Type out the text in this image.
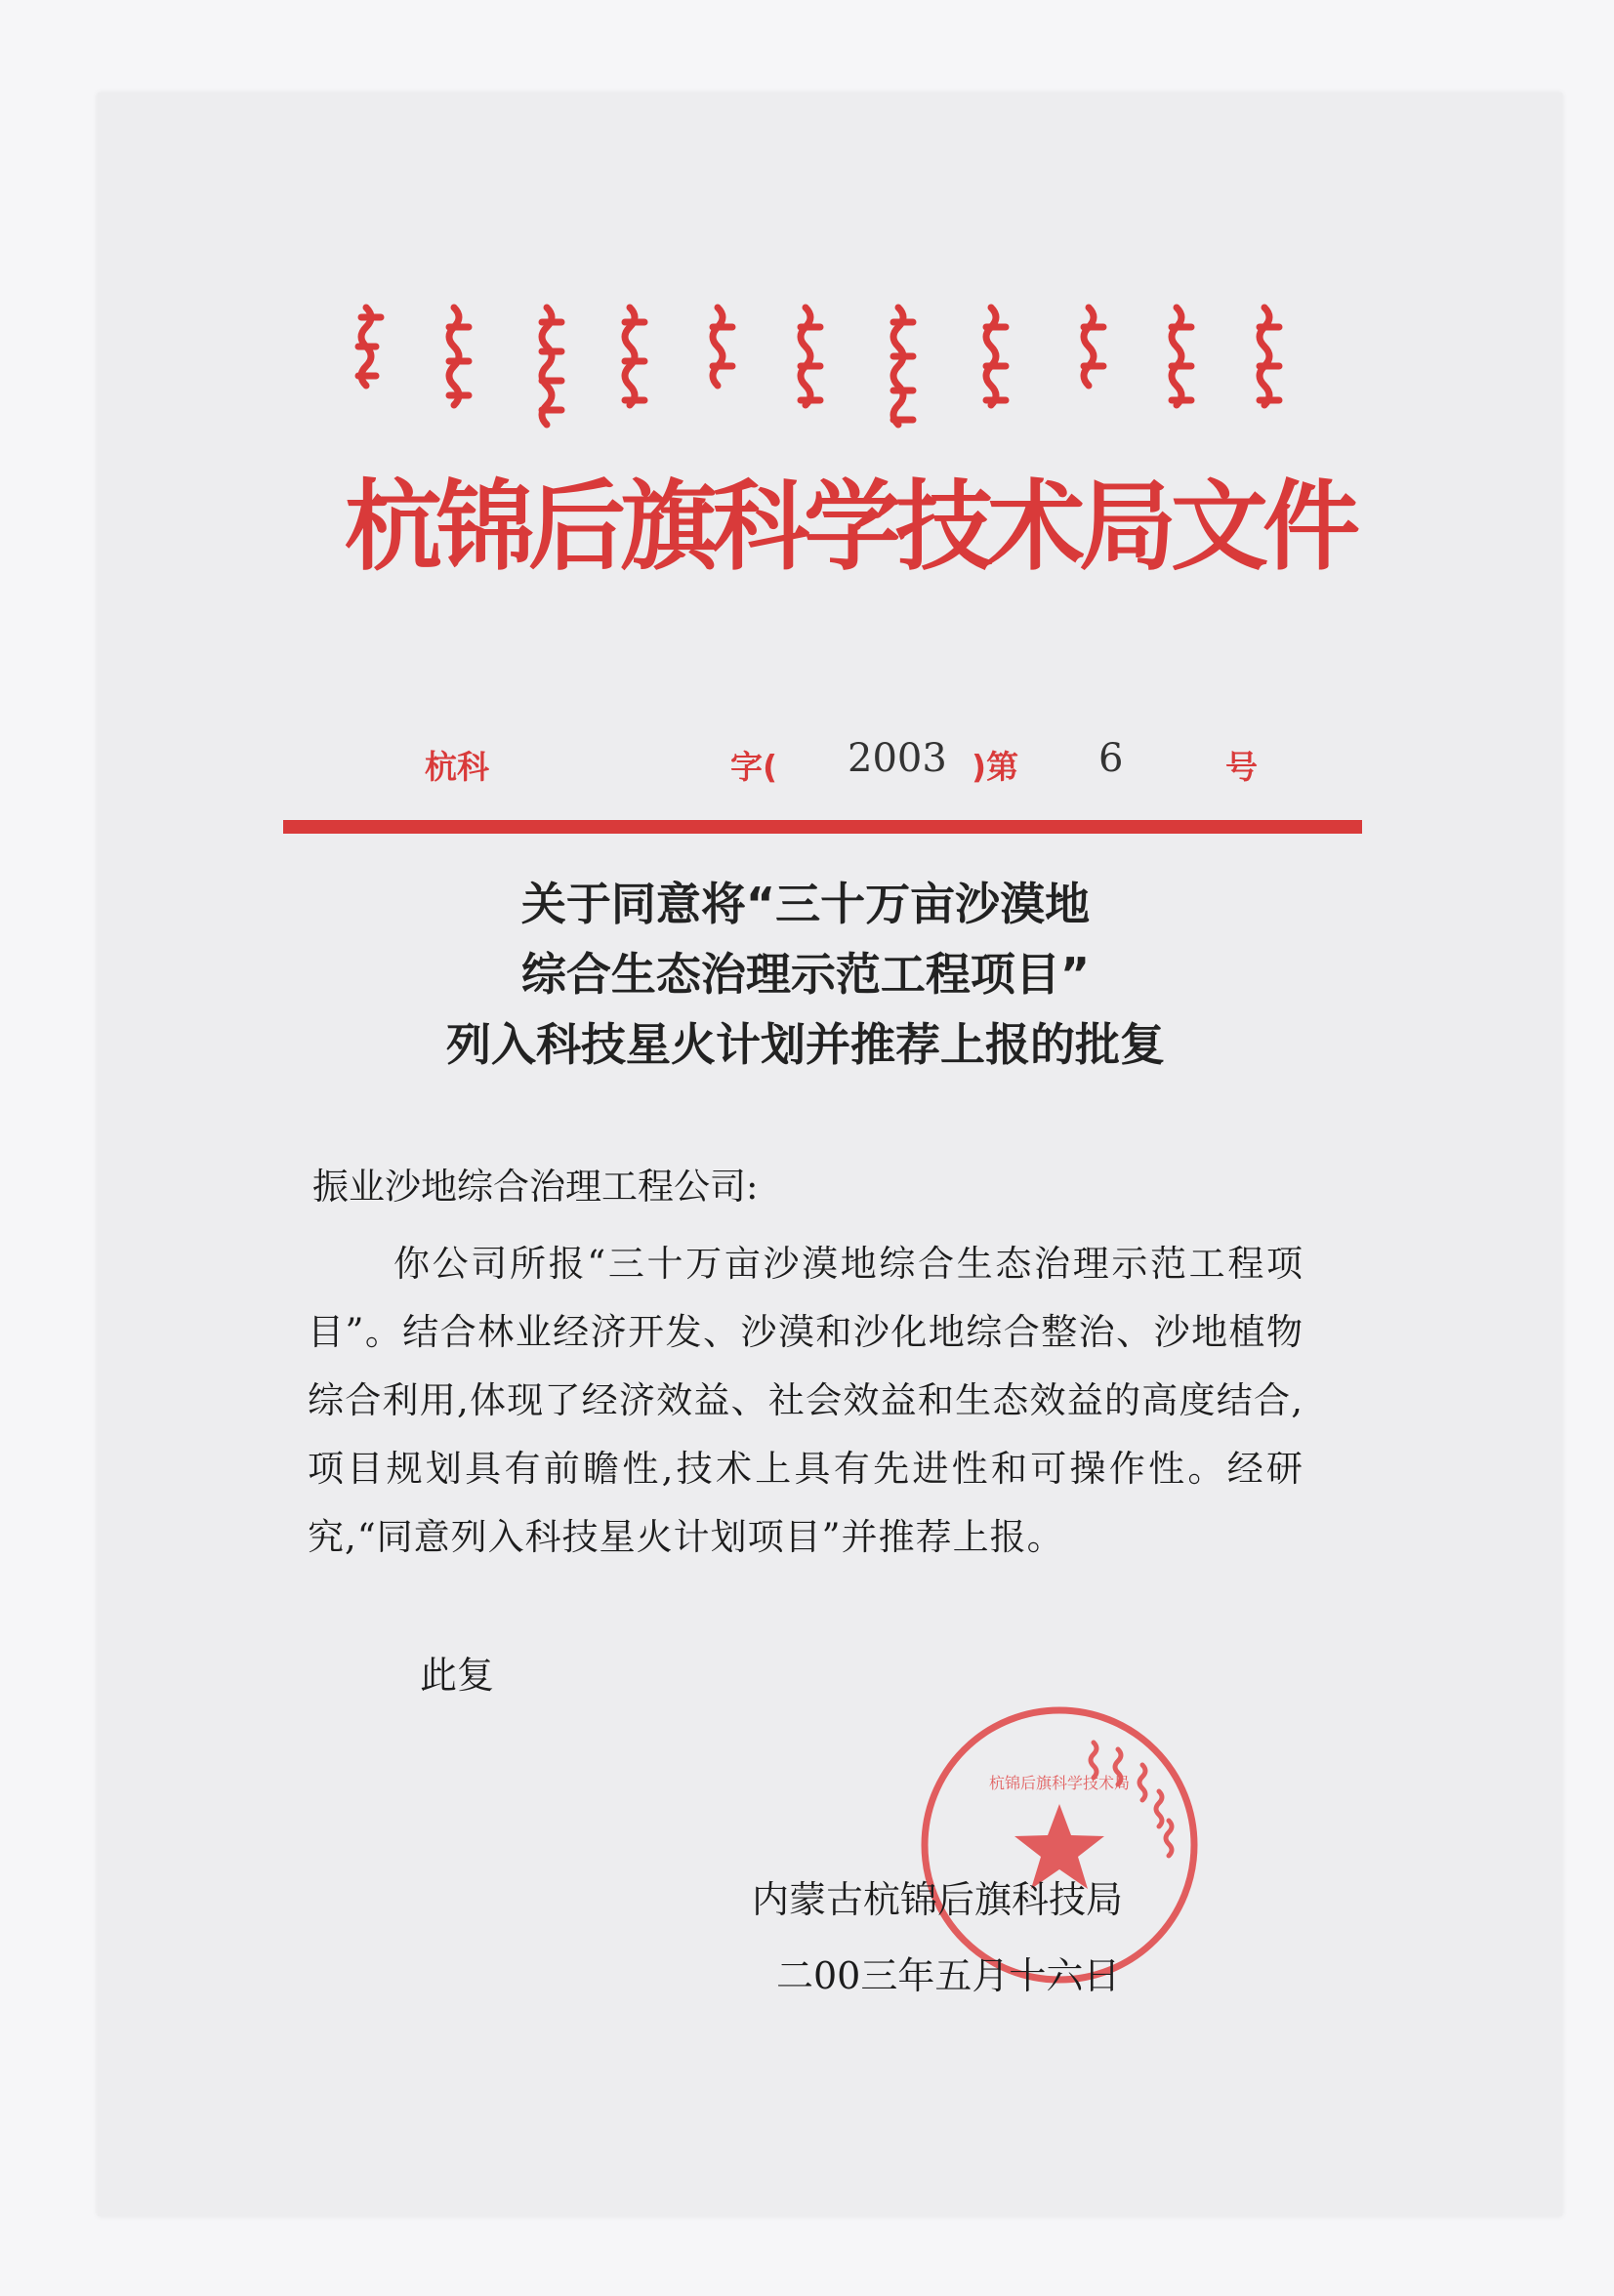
杭锦后旗科学技术局文件
杭科	字( 2003 )第 6	号
关于同意将“三十万亩沙漠地
综合生态治理示范工程项目”
列入科技星火计划并推荐上报的批复
振业沙地综合治理工程公司:
你公司所报“三十万亩沙漠地综合生态治理示范工程项目”。结合林业经济开发、沙漠和沙化地综合整治、沙地植物综合利用,体现了经济效益、社会效益和生态效益的高度结合,项目规划具有前瞻性,技术上具有先进性和可操作性。经研究,“同意列入科技星火计划项目”并推荐上报。
此复
杭锦后旗科学技术局
内蒙古杭锦后旗科技局
二00三年五月十六日
